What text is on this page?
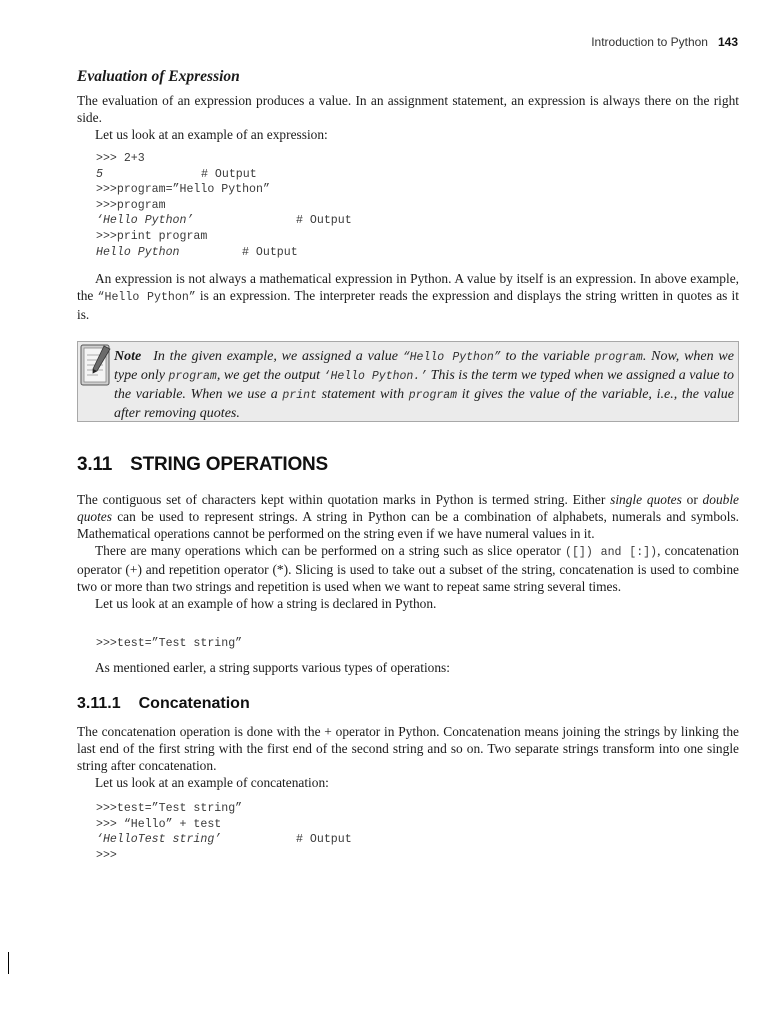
Introduction to Python 143
Evaluation of Expression

The evaluation of an expression produces a value. In an assignment statement, an expression is always there on the right side.

Let us look at an example of an expression:

>>> 2+3
5	# Output
>>>program=”Hello Python”
>>>program
‘Hello Python’	# Output
>>>print program
Hello Python	# Output
An expression is not always a mathematical expression in Python. A value by itself is an expression. In above example, the “Hello Python” is an expression. The interpreter reads the expression and displays the string written in quotes as it is.
Note In the given example, we assigned a value “Hello Python” to the variable program. Now, when we type only program, we get the output ‘Hello Python.’ This is the term we typed when we assigned a value to the variable. When we use a print statement with program it gives the value of the variable, i.e., the value after removing quotes.
3.11 STRING OPERATIONS

The contiguous set of characters kept within quotation marks in Python is termed string. Either single quotes or double quotes can be used to represent strings. A string in Python can be a combination of alphabets, numerals and symbols. Mathematical operations cannot be performed on the string even if we have numeral values in it.

There are many operations which can be performed on a string such as slice operator ([]) and [:]), concatenation operator (+) and repetition operator (*). Slicing is used to take out a subset of the string, concatenation is used to combine two or more than two strings and repetition is used when we want to repeat same string several times.

Let us look at an example of how a string is declared in Python.

>>>test=”Test string”
As mentioned earler, a string supports various types of operations:
3.11.1 Concatenation

The concatenation operation is done with the + operator in Python. Concatenation means joining the strings by linking the last end of the first string with the first end of the second string and so on. Two separate strings transform into one single string after concatenation.

Let us look at an example of concatenation:

>>>test=”Test string”
>>> “Hello” + test
‘HelloTest string’	# Output
>>>
